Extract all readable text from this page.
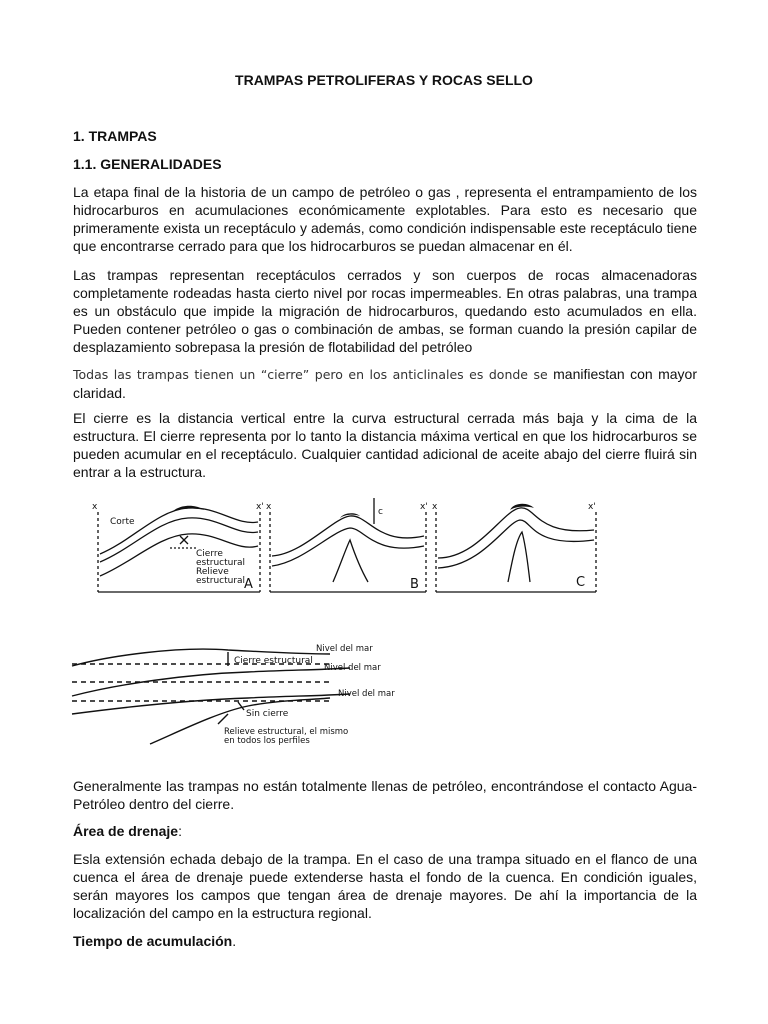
TRAMPAS PETROLIFERAS Y ROCAS SELLO
1. TRAMPAS
1.1. GENERALIDADES

La etapa final de la historia de un campo de petróleo o gas , representa el entrampamiento de los hidrocarburos en acumulaciones económicamente explotables. Para esto es necesario que primeramente exista un receptáculo y además, como condición indispensable este receptáculo tiene que encontrarse cerrado para que los hidrocarburos se puedan almacenar en él.

Las trampas representan receptáculos cerrados y son cuerpos de rocas almacenadoras completamente rodeadas hasta cierto nivel por rocas impermeables. En otras palabras, una trampa es un obstáculo que impide la migración de hidrocarburos, quedando esto acumulados en ella. Pueden contener petróleo o gas o combinación de ambas, se forman cuando la presión capilar de desplazamiento sobrepasa la presión de flotabilidad del petróleo

Todas las trampas tienen un “cierre” pero en los anticlinales es donde se manifiestan con mayor claridad.

El cierre es la distancia vertical entre la curva estructural cerrada más baja y la cima de la estructura. El cierre representa por lo tanto la distancia máxima vertical en que los hidrocarburos se pueden acumular en el receptáculo. Cualquier cantidad adicional de aceite abajo del cierre fluirá sin entrar a la estructura.

x	x'
Corte
Cierre
estructural
Relieve
estructural
A
x	x'
c
B
x	x'
C
Nivel del mar
Nivel del mar
Nivel del mar
Cierre estructural
Sin cierre
Relieve estructural, el mismo
en todos los perfiles

Generalmente las trampas no están totalmente llenas de petróleo, encontrándose el contacto Agua-Petróleo dentro del cierre.

Área de drenaje:

Esla extensión echada debajo de la trampa. En el caso de una trampa situado en el flanco de una cuenca el área de drenaje puede extenderse hasta el fondo de la cuenca. En condición iguales, serán mayores los campos que tengan área de drenaje mayores. De ahí la importancia de la localización del campo en la estructura regional.

Tiempo de acumulación.
